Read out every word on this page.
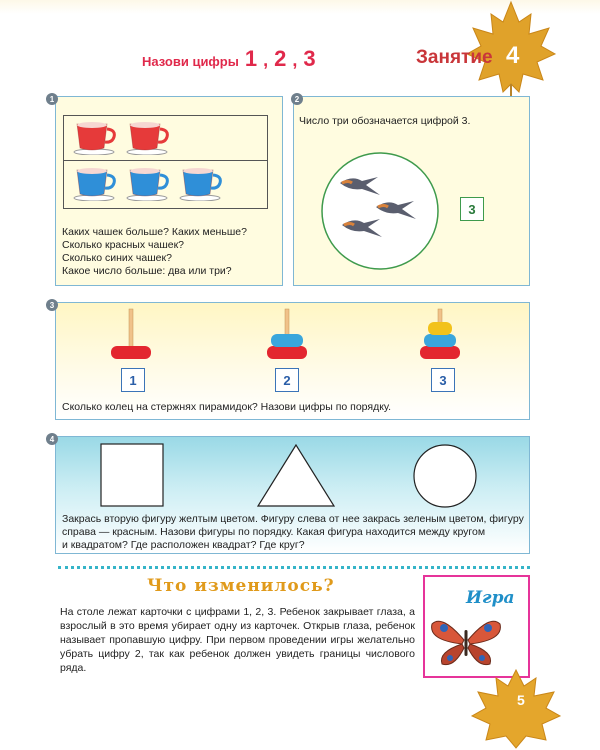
Назови цифры 1 , 2 , 3	Занятие 4
1
Каких чашек больше? Каких меньше?
Сколько красных чашек?
Сколько синих чашек?
Какое число больше: два или три?
2
Число три обозначается цифрой 3.
3
3
1	2	3
Сколько колец на стержнях пирамидок? Назови цифры по порядку.
4
Закрась вторую фигуру желтым цветом. Фигуру слева от нее закрась зеленым цветом, фигуру
справа — красным. Назови фигуры по порядку. Какая фигура находится между кругом
и квадратом? Где расположен квадрат? Где круг?
Что изменилось?
На столе лежат карточки с цифрами 1, 2, 3. Ребенок закрывает глаза, а взрослый в это время убирает одну из карточек. Открыв глаза, ребенок называет пропавшую цифру. При первом проведении игры желательно убрать цифру 2, так как ребенок должен увидеть границы числового ряда.
Игра
5
